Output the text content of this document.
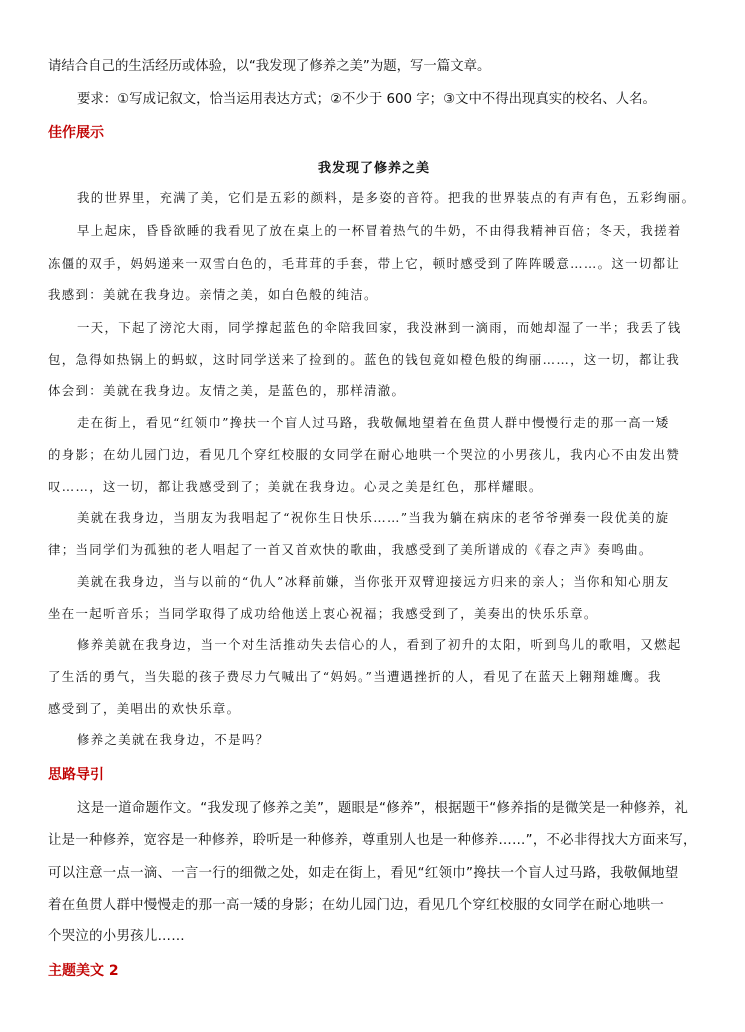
请结合自己的生活经历或体验，以“我发现了修养之美”为题，写一篇文章。
要求：①写成记叙文，恰当运用表达方式；②不少于 600 字；③文中不得出现真实的校名、人名。
佳作展示
我发现了修养之美
我的世界里，充满了美，它们是五彩的颜料，是多姿的音符。把我的世界装点的有声有色，五彩绚丽。
早上起床，昏昏欲睡的我看见了放在桌上的一杯冒着热气的牛奶，不由得我精神百倍；冬天，我搓着
冻僵的双手，妈妈递来一双雪白色的，毛茸茸的手套，带上它，顿时感受到了阵阵暖意……。这一切都让
我感到：美就在我身边。亲情之美，如白色般的纯洁。
一天，下起了滂沱大雨，同学撑起蓝色的伞陪我回家，我没淋到一滴雨，而她却湿了一半；我丢了钱
包，急得如热锅上的蚂蚁，这时同学送来了捡到的。蓝色的钱包竟如橙色般的绚丽……，这一切，都让我
体会到：美就在我身边。友情之美，是蓝色的，那样清澈。
走在街上，看见“红领巾”搀扶一个盲人过马路，我敬佩地望着在鱼贯人群中慢慢行走的那一高一矮
的身影；在幼儿园门边，看见几个穿红校服的女同学在耐心地哄一个哭泣的小男孩儿，我内心不由发出赞
叹……，这一切，都让我感受到了；美就在我身边。心灵之美是红色，那样耀眼。
美就在我身边，当朋友为我唱起了“祝你生日快乐……”当我为躺在病床的老爷爷弹奏一段优美的旋
律；当同学们为孤独的老人唱起了一首又首欢快的歌曲，我感受到了美所谱成的《春之声》奏鸣曲。
美就在我身边，当与以前的“仇人”冰释前嫌，当你张开双臂迎接远方归来的亲人；当你和知心朋友
坐在一起听音乐；当同学取得了成功给他送上衷心祝福；我感受到了，美奏出的快乐乐章。
修养美就在我身边，当一个对生活推动失去信心的人，看到了初升的太阳，听到鸟儿的歌唱，又燃起
了生活的勇气，当失聪的孩子费尽力气喊出了“妈妈。”当遭遇挫折的人，看见了在蓝天上翱翔雄鹰。我
感受到了，美唱出的欢快乐章。
修养之美就在我身边，不是吗？
思路导引
这是一道命题作文。“我发现了修养之美”，题眼是“修养”，根据题干“修养指的是微笑是一种修养，礼
让是一种修养，宽容是一种修养，聆听是一种修养，尊重别人也是一种修养……”，不必非得找大方面来写，
可以注意一点一滴、一言一行的细微之处，如走在街上，看见“红领巾”搀扶一个盲人过马路，我敬佩地望
着在鱼贯人群中慢慢走的那一高一矮的身影；在幼儿园门边，看见几个穿红校服的女同学在耐心地哄一
个哭泣的小男孩儿……
主题美文 2
